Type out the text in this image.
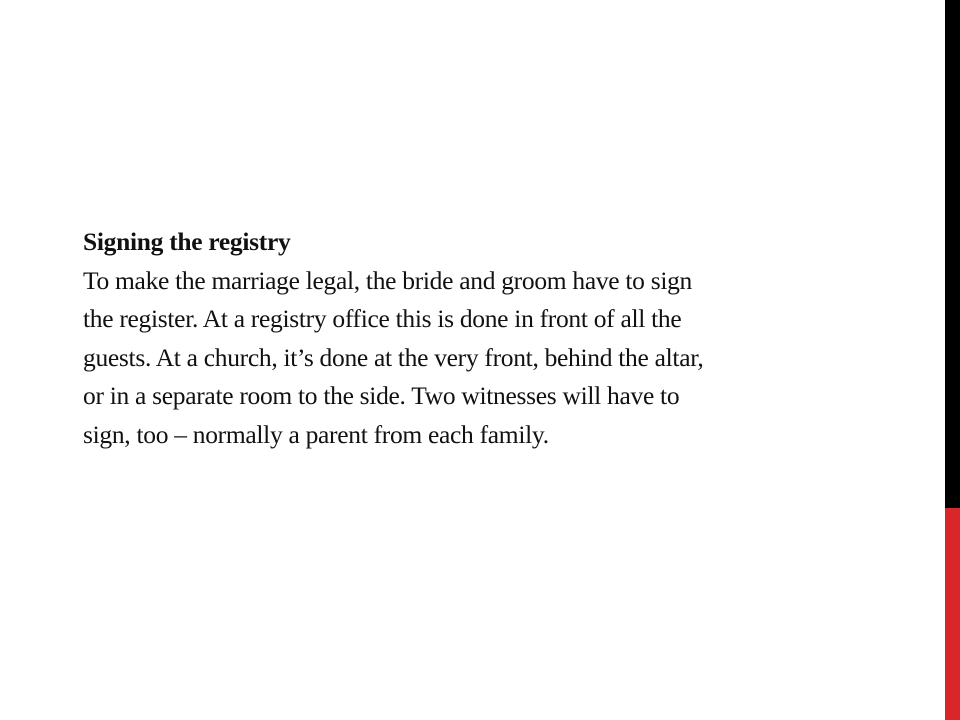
Signing the registry
To make the marriage legal, the bride and groom have to sign
the register. At a registry office this is done in front of all the
guests. At a church, it’s done at the very front, behind the altar,
or in a separate room to the side. Two witnesses will have to
sign, too – normally a parent from each family.
